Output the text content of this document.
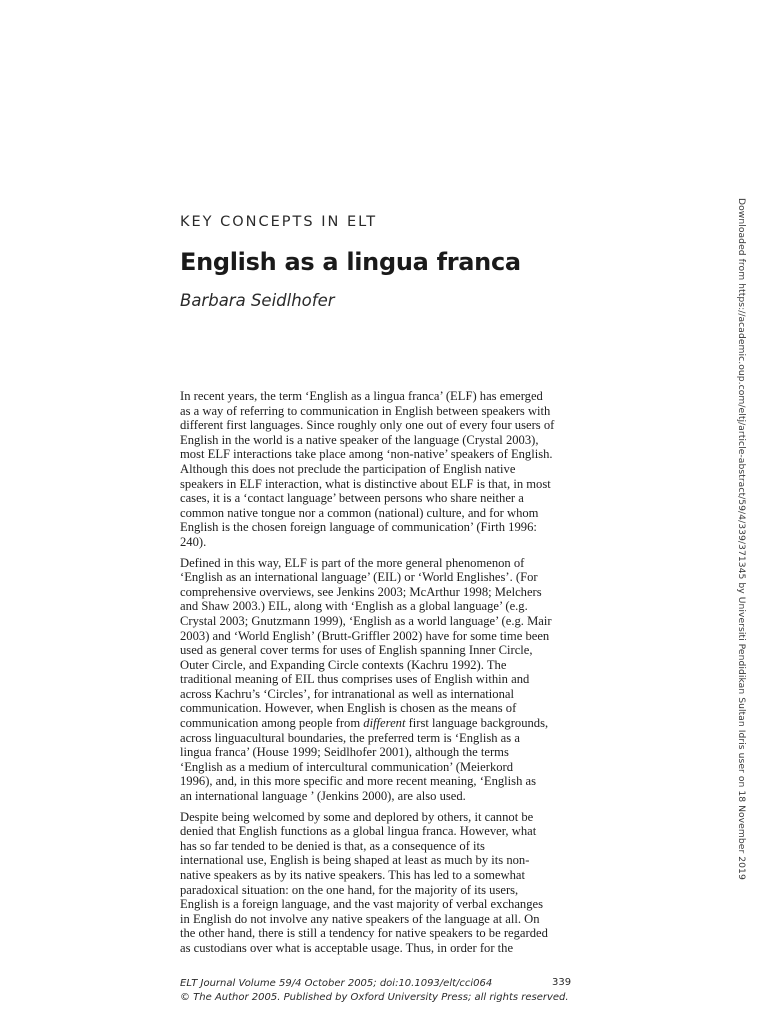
KEY CONCEPTS IN ELT
English as a lingua franca
Barbara Seidlhofer

In recent years, the term ‘English as a lingua franca’ (ELF) has emerged
as a way of referring to communication in English between speakers with
different first languages. Since roughly only one out of every four users of
English in the world is a native speaker of the language (Crystal 2003),
most ELF interactions take place among ‘non-native’ speakers of English.
Although this does not preclude the participation of English native
speakers in ELF interaction, what is distinctive about ELF is that, in most
cases, it is a ‘contact language’ between persons who share neither a
common native tongue nor a common (national) culture, and for whom
English is the chosen foreign language of communication’ (Firth 1996:
240).

Defined in this way, ELF is part of the more general phenomenon of
‘English as an international language’ (EIL) or ‘World Englishes’. (For
comprehensive overviews, see Jenkins 2003; McArthur 1998; Melchers
and Shaw 2003.) EIL, along with ‘English as a global language’ (e.g.
Crystal 2003; Gnutzmann 1999), ‘English as a world language’ (e.g. Mair
2003) and ‘World English’ (Brutt-Griffler 2002) have for some time been
used as general cover terms for uses of English spanning Inner Circle,
Outer Circle, and Expanding Circle contexts (Kachru 1992). The
traditional meaning of EIL thus comprises uses of English within and
across Kachru’s ‘Circles’, for intranational as well as international
communication. However, when English is chosen as the means of
communication among people from different first language backgrounds,
across linguacultural boundaries, the preferred term is ‘English as a
lingua franca’ (House 1999; Seidlhofer 2001), although the terms
‘English as a medium of intercultural communication’ (Meierkord
1996), and, in this more specific and more recent meaning, ‘English as
an international language ’ (Jenkins 2000), are also used.

Despite being welcomed by some and deplored by others, it cannot be
denied that English functions as a global lingua franca. However, what
has so far tended to be denied is that, as a consequence of its
international use, English is being shaped at least as much by its non-
native speakers as by its native speakers. This has led to a somewhat
paradoxical situation: on the one hand, for the majority of its users,
English is a foreign language, and the vast majority of verbal exchanges
in English do not involve any native speakers of the language at all. On
the other hand, there is still a tendency for native speakers to be regarded
as custodians over what is acceptable usage. Thus, in order for the

ELT Journal Volume 59/4 October 2005; doi:10.1093/elt/cci064
© The Author 2005. Published by Oxford University Press; all rights reserved.
339
Downloaded from https://academic.oup.com/eltj/article-abstract/59/4/339/371345 by Universiti Pendidikan Sultan Idris user on 18 November 2019
